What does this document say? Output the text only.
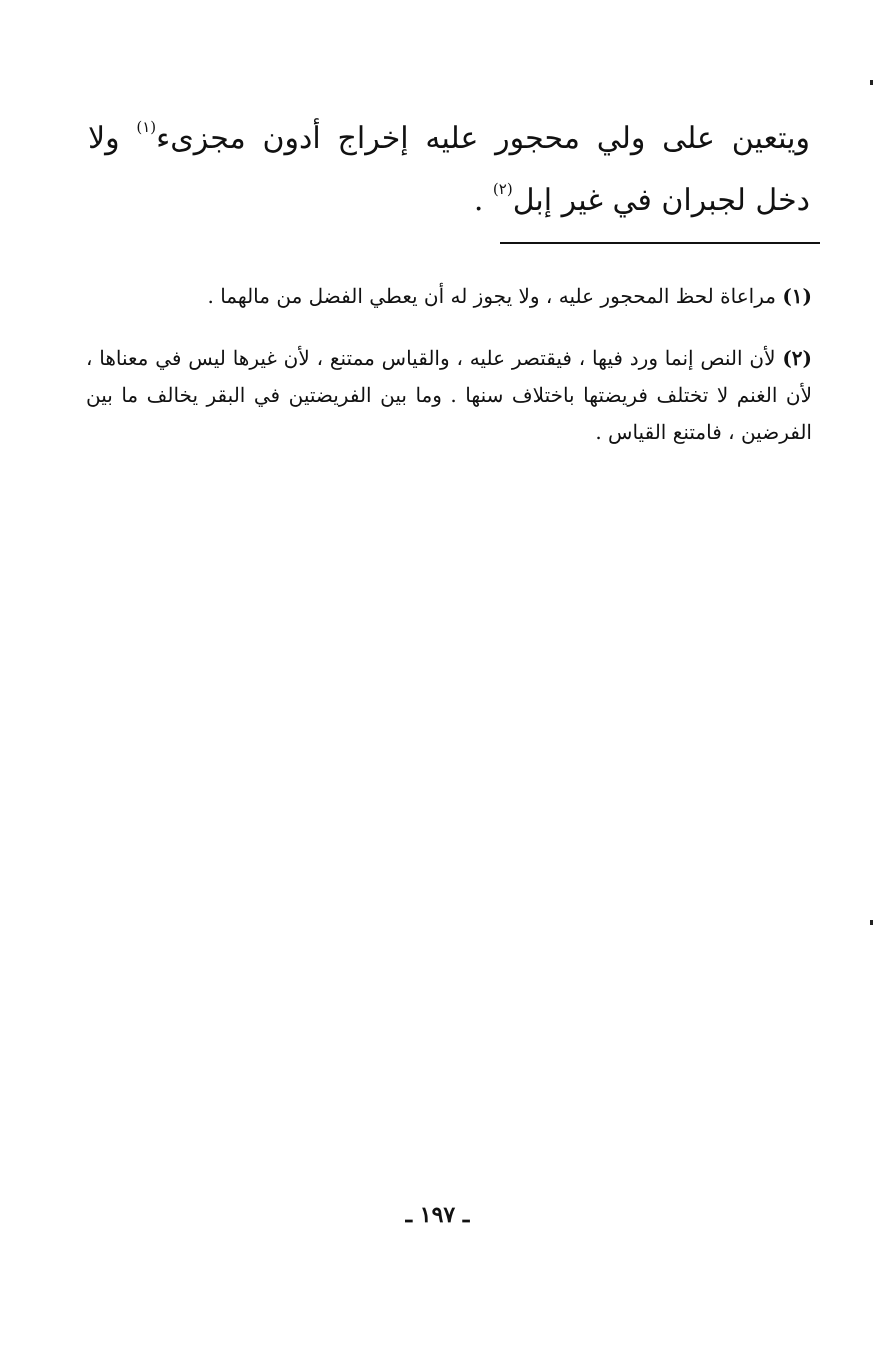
ويتعين على ولي محجور عليه إخراج أدون مجزىء$^{(١)}$ ولا دخل لجبران في غير إبل$^{(٢)}$ .

(١) مراعاة لحظ المحجور عليه ، ولا يجوز له أن يعطي الفضل من مالهما .

(٢) لأن النص إنما ورد فيها ، فيقتصر عليه ، والقياس ممتنع ، لأن غيرها ليس في معناها ، لأن الغنم لا تختلف فريضتها باختلاف سنها . وما بين الفريضتين في البقر يخالف ما بين الفرضين ، فامتنع القياس .

ـ ١٩٧ ـ
